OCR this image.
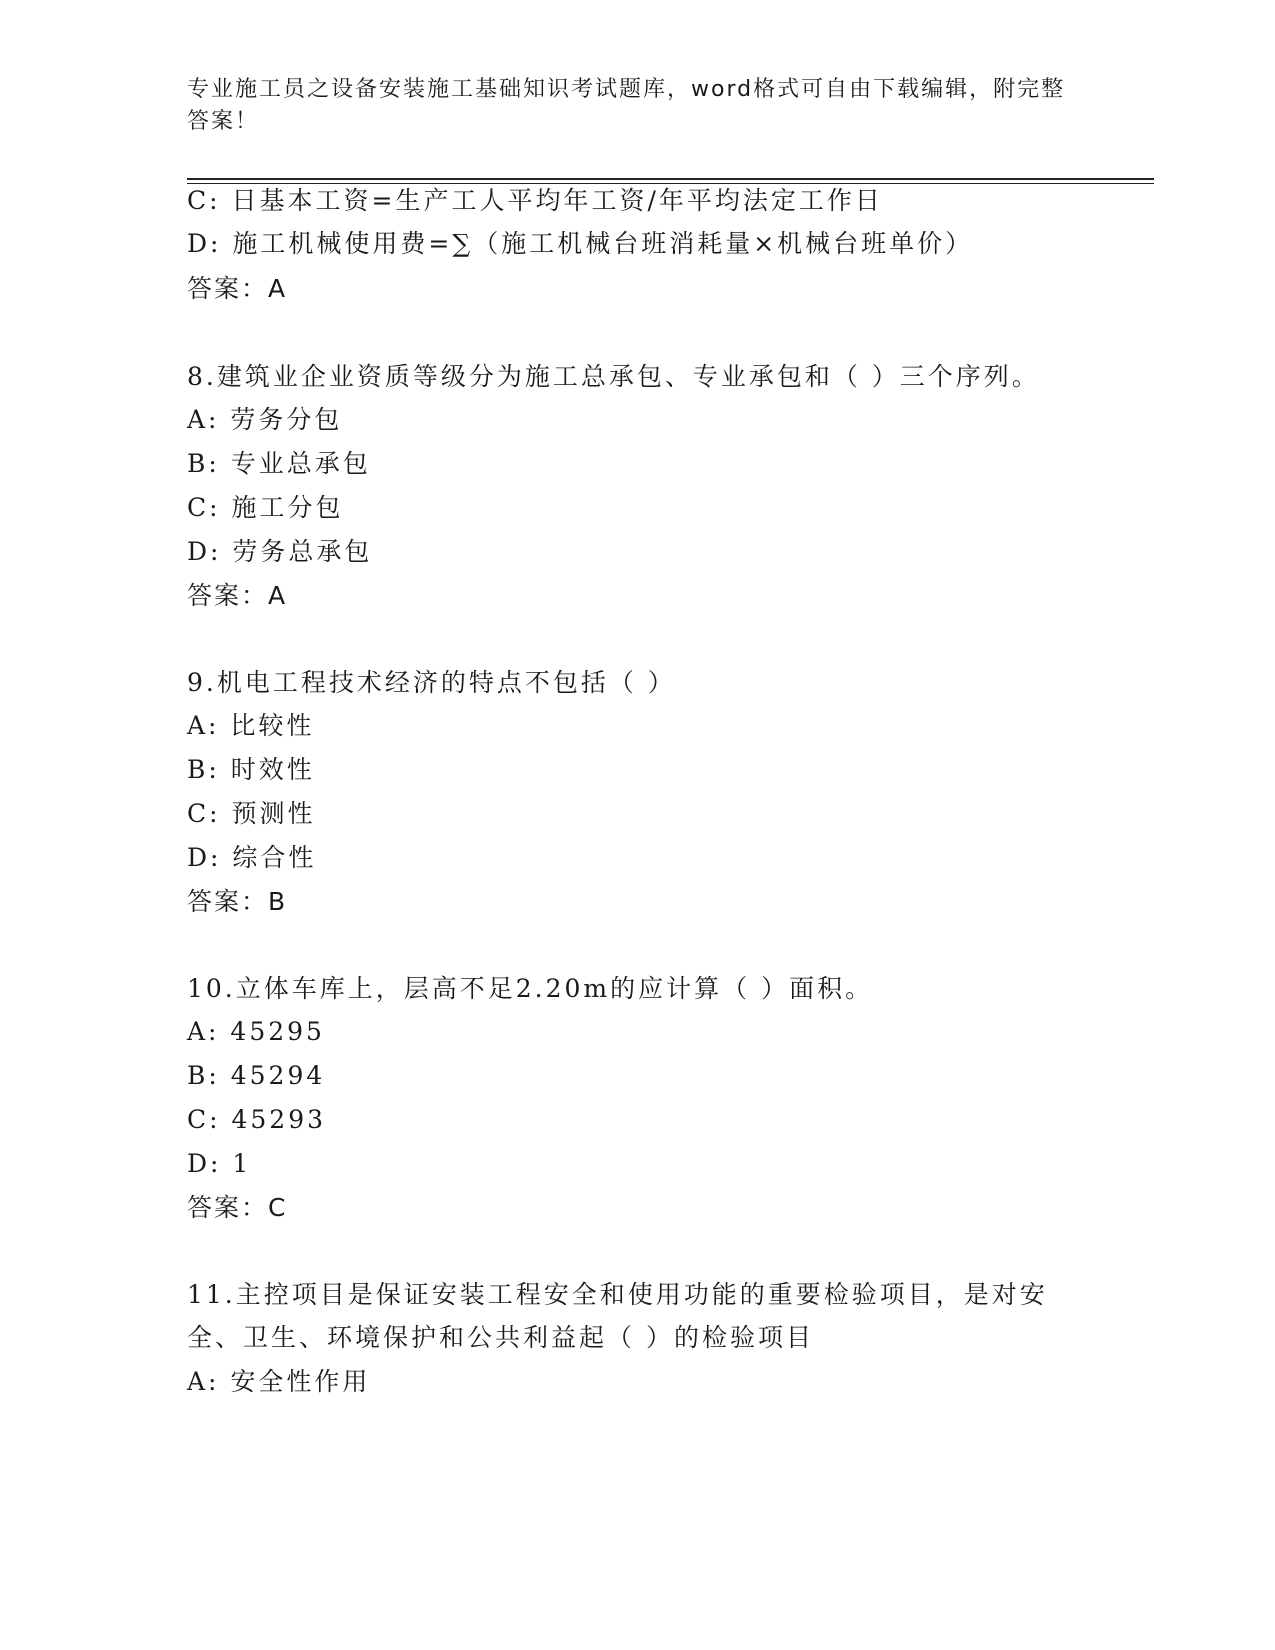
专业施工员之设备安装施工基础知识考试题库，word格式可自由下载编辑，附完整答案！
C: 日基本工资=生产工人平均年工资/年平均法定工作日
D: 施工机械使用费=∑（施工机械台班消耗量×机械台班单价）
答案：A
8.建筑业企业资质等级分为施工总承包、专业承包和（ ）三个序列。
A: 劳务分包
B: 专业总承包
C: 施工分包
D: 劳务总承包
答案：A
9.机电工程技术经济的特点不包括（ ）
A: 比较性
B: 时效性
C: 预测性
D: 综合性
答案：B
10.立体车库上，层高不足2.20m的应计算（ ）面积。
A: 45295
B: 45294
C: 45293
D: 1
答案：C
11.主控项目是保证安装工程安全和使用功能的重要检验项目，是对安
全、卫生、环境保护和公共利益起（ ）的检验项目
A: 安全性作用
